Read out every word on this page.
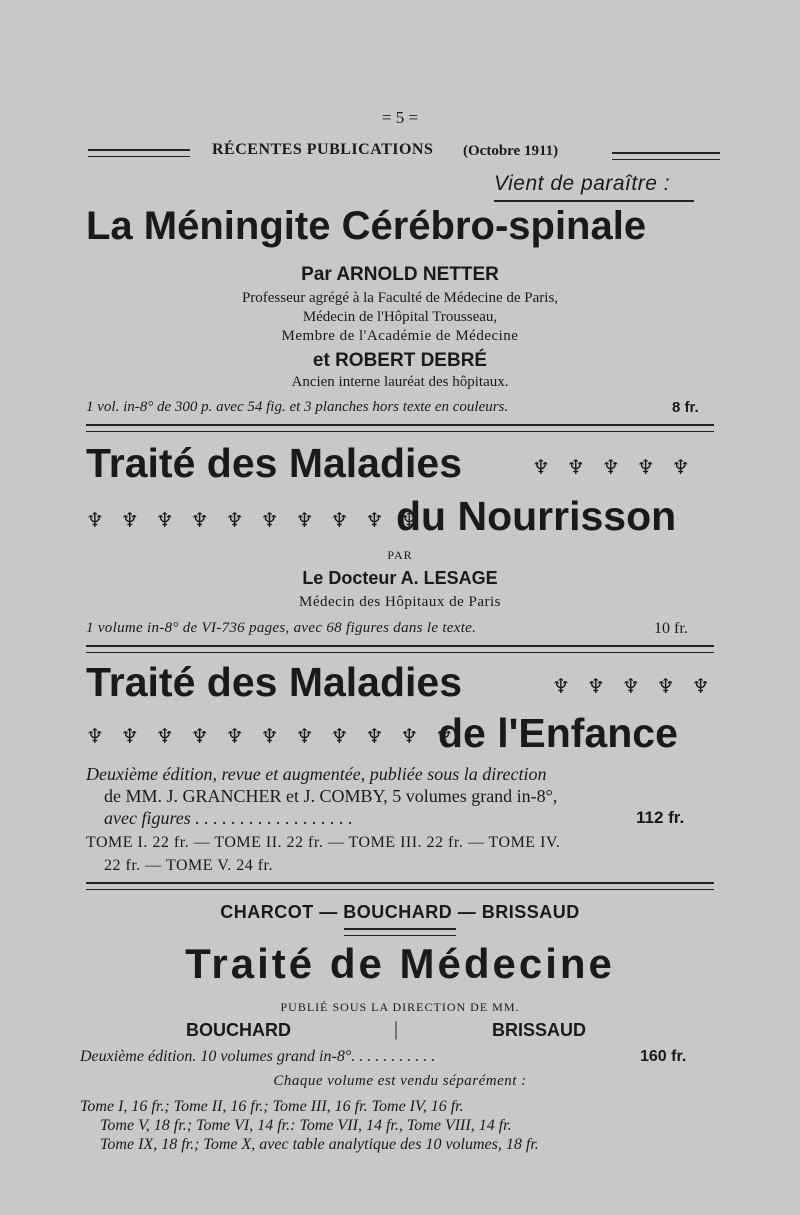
= 5 =
RÉCENTES PUBLICATIONS (Octobre 1911)
Vient de paraître :
La Méningite Cérébro-spinale
Par ARNOLD NETTER
Professeur agrégé à la Faculté de Médecine de Paris,
Médecin de l'Hôpital Trousseau,
Membre de l'Académie de Médecine
et ROBERT DEBRÉ
Ancien interne lauréat des hôpitaux.
1 vol. in-8° de 300 p. avec 54 fig. et 3 planches hors texte en couleurs.	8 fr.
Traité des Maladies	♆ ♆ ♆ ♆ ♆
♆ ♆ ♆ ♆ ♆ ♆ ♆ ♆ ♆ ♆
du Nourrisson
PAR
Le Docteur A. LESAGE
Médecin des Hôpitaux de Paris
1 volume in-8° de VI-736 pages, avec 68 figures dans le texte.	10 fr.
Traité des Maladies	♆ ♆ ♆ ♆ ♆
♆ ♆ ♆ ♆ ♆ ♆ ♆ ♆ ♆ ♆ ♆
de l'Enfance
Deuxième édition, revue et augmentée, publiée sous la direction
de MM. J. GRANCHER et J. COMBY, 5 volumes grand in-8°,
avec figures . . . . . . . . . . . . . . . . . .	112 fr.
TOME I. 22 fr. — TOME II. 22 fr. — TOME III. 22 fr. — TOME IV.
22 fr. — TOME V. 24 fr.
CHARCOT — BOUCHARD — BRISSAUD
Traité de Médecine
PUBLIÉ SOUS LA DIRECTION DE MM.
BOUCHARD	|	BRISSAUD
Deuxième édition. 10 volumes grand in-8°. . . . . . . . . . .	160 fr.
Chaque volume est vendu séparément :
Tome I, 16 fr.; Tome II, 16 fr.; Tome III, 16 fr. Tome IV, 16 fr.
Tome V, 18 fr.; Tome VI, 14 fr.: Tome VII, 14 fr., Tome VIII, 14 fr.
Tome IX, 18 fr.; Tome X, avec table analytique des 10 volumes, 18 fr.
